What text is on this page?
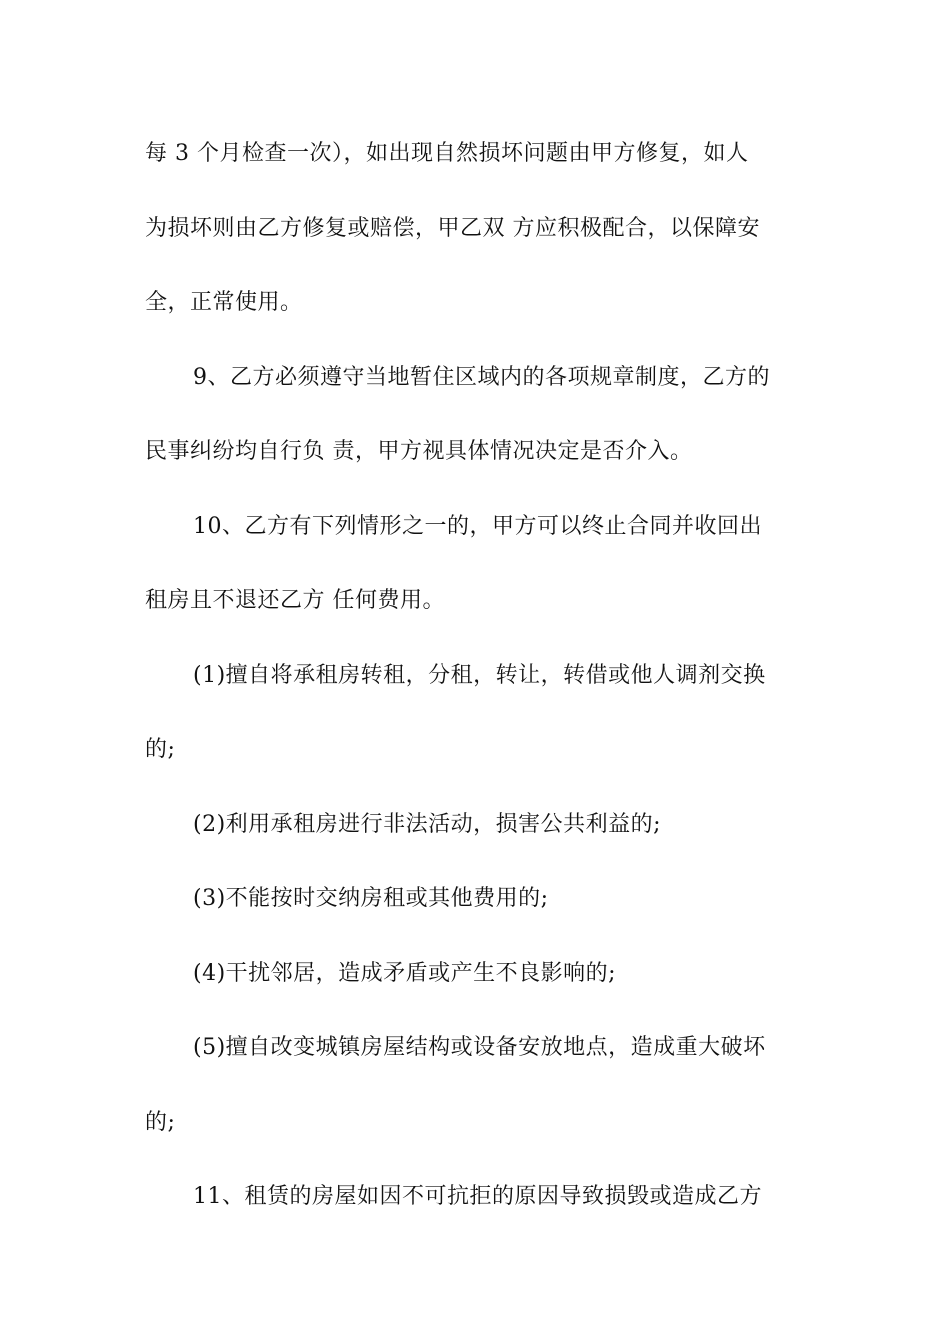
每 3 个月检查一次），如出现自然损坏问题由甲方修复，如人
为损坏则由乙方修复或赔偿，甲乙双 方应积极配合，以保障安
全，正常使用。
9、乙方必须遵守当地暂住区域内的各项规章制度，乙方的
民事纠纷均自行负 责，甲方视具体情况决定是否介入。
10、乙方有下列情形之一的，甲方可以终止合同并收回出
租房且不退还乙方 任何费用。
(1)擅自将承租房转租，分租，转让，转借或他人调剂交换
的;
(2)利用承租房进行非法活动，损害公共利益的;
(3)不能按时交纳房租或其他费用的;
(4)干扰邻居，造成矛盾或产生不良影响的;
(5)擅自改变城镇房屋结构或设备安放地点，造成重大破坏
的;
11、租赁的房屋如因不可抗拒的原因导致损毁或造成乙方
